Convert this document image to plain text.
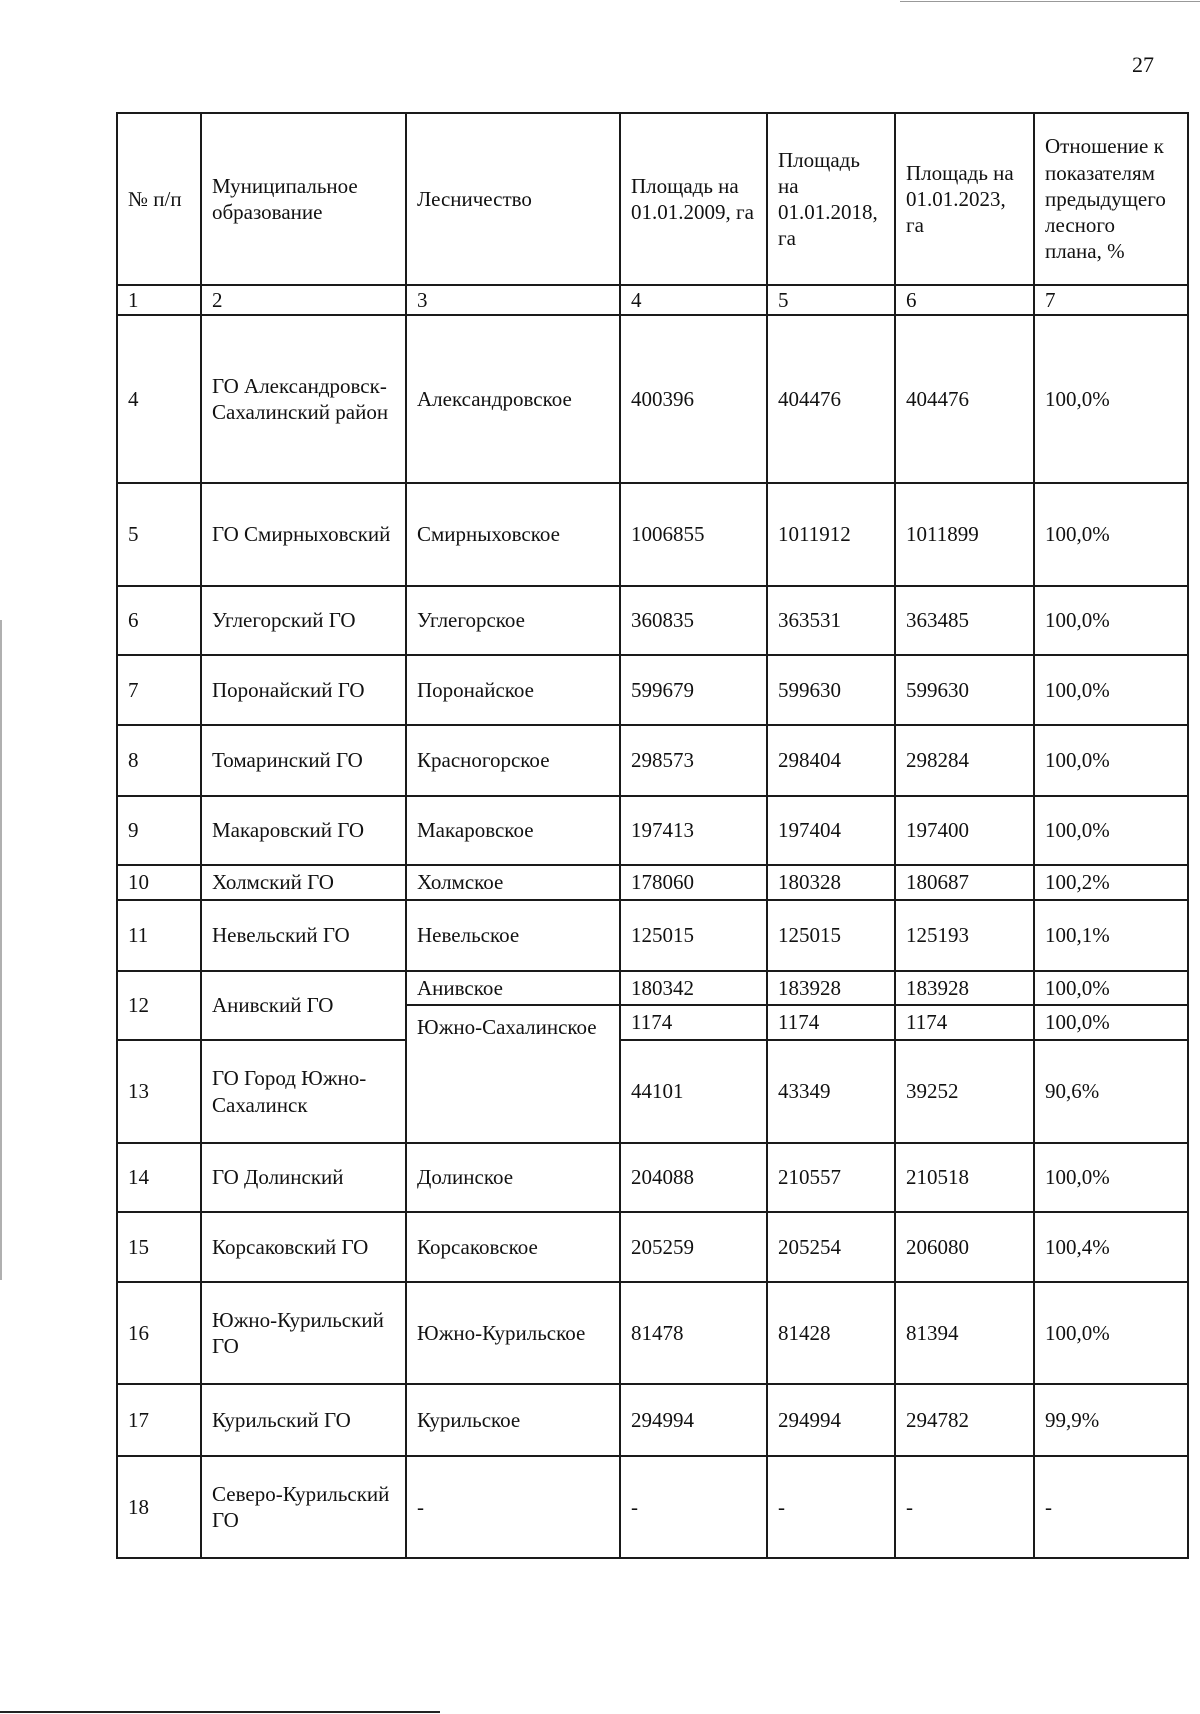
27
№ п/п	Муниципальное образование	Лесничество	Площадь на 01.01.2009, га	Площадь на 01.01.2018, га	Площадь на 01.01.2023, га	Отношение к показателям предыдущего лесного плана, %
1	2	3	4	5	6	7
4	ГО Александровск-Сахалинский район	Александровское	400396	404476	404476	100,0%
5	ГО Смирныховский	Смирныховское	1006855	1011912	1011899	100,0%
6	Углегорский ГО	Углегорское	360835	363531	363485	100,0%
7	Поронайский ГО	Поронайское	599679	599630	599630	100,0%
8	Томаринский ГО	Красногорское	298573	298404	298284	100,0%
9	Макаровский ГО	Макаровское	197413	197404	197400	100,0%
10	Холмский ГО	Холмское	178060	180328	180687	100,2%
11	Невельский ГО	Невельское	125015	125015	125193	100,1%
12	Анивский ГО	Анивское	180342	183928	183928	100,0%
		Южно-Сахалинское	1174	1174	1174	100,0%
13	ГО Город Южно-Сахалинск		44101	43349	39252	90,6%
14	ГО Долинский	Долинское	204088	210557	210518	100,0%
15	Корсаковский ГО	Корсаковское	205259	205254	206080	100,4%
16	Южно-Курильский ГО	Южно-Курильское	81478	81428	81394	100,0%
17	Курильский ГО	Курильское	294994	294994	294782	99,9%
18	Северо-Курильский ГО	-	-	-	-	-
